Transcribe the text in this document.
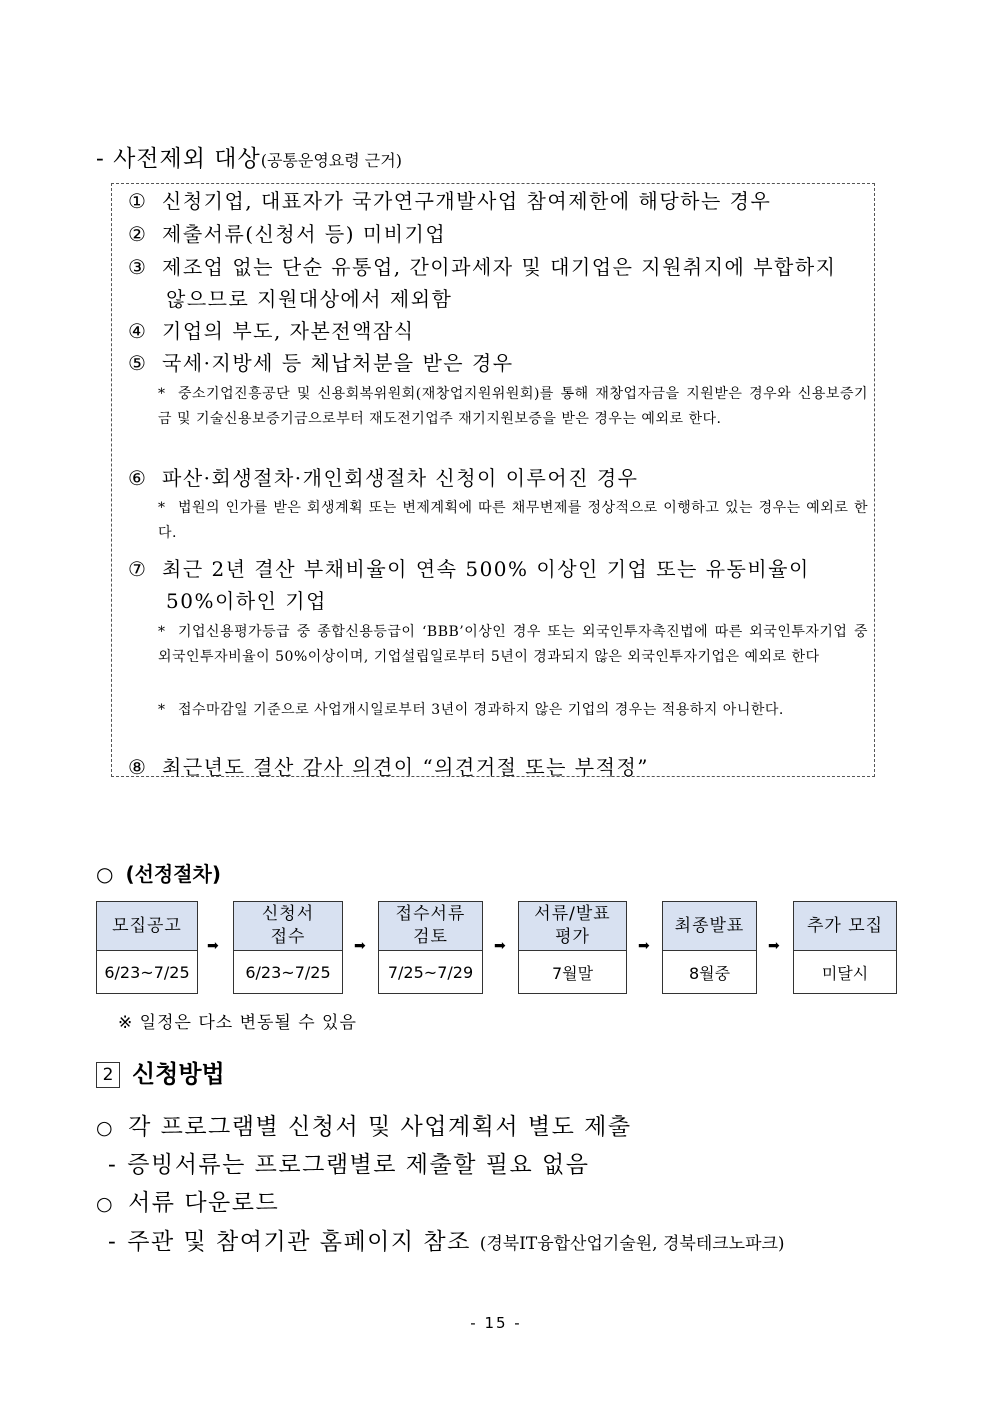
- 사전제외 대상(공통운영요령 근거)
① 신청기업, 대표자가 국가연구개발사업 참여제한에 해당하는 경우
② 제출서류(신청서 등) 미비기업
③ 제조업 없는 단순 유통업, 간이과세자 및 대기업은 지원취지에 부합하지
않으므로 지원대상에서 제외함
④ 기업의 부도, 자본전액잠식
⑤ 국세·지방세 등 체납처분을 받은 경우
* 중소기업진흥공단 및 신용회복위원회(재창업지원위원회)를 통해 재창업자금을 지원받은 경우와 신용보증기금 및 기술신용보증기금으로부터 재도전기업주 재기지원보증을 받은 경우는 예외로 한다.
⑥ 파산·회생절차·개인회생절차 신청이 이루어진 경우
* 법원의 인가를 받은 회생계획 또는 변제계획에 따른 채무변제를 정상적으로 이행하고 있는 경우는 예외로 한다.
⑦ 최근 2년 결산 부채비율이 연속 500% 이상인 기업 또는 유동비율이
50%이하인 기업
* 기업신용평가등급 중 종합신용등급이 ‘BBB’이상인 경우 또는 외국인투자촉진법에 따른 외국인투자기업 중 외국인투자비율이 50%이상이며, 기업설립일로부터 5년이 경과되지 않은 외국인투자기업은 예외로 한다
* 접수마감일 기준으로 사업개시일로부터 3년이 경과하지 않은 기업의 경우는 적용하지 아니한다.
⑧ 최근년도 결산 감사 의견이 “의견거절 또는 부적정”
○ (선정절차)
모집공고
6/23~7/25
➡
신청서
접수
6/23~7/25
➡
접수서류
검토
7/25~7/29
➡
서류/발표
평가
7월말
➡
최종발표
8월중
➡
추가 모집
미달시
※ 일정은 다소 변동될 수 있음
2 신청방법
○ 각 프로그램별 신청서 및 사업계획서 별도 제출
- 증빙서류는 프로그램별로 제출할 필요 없음
○ 서류 다운로드
- 주관 및 참여기관 홈페이지 참조 (경북IT융합산업기술원, 경북테크노파크)
- 15 -
